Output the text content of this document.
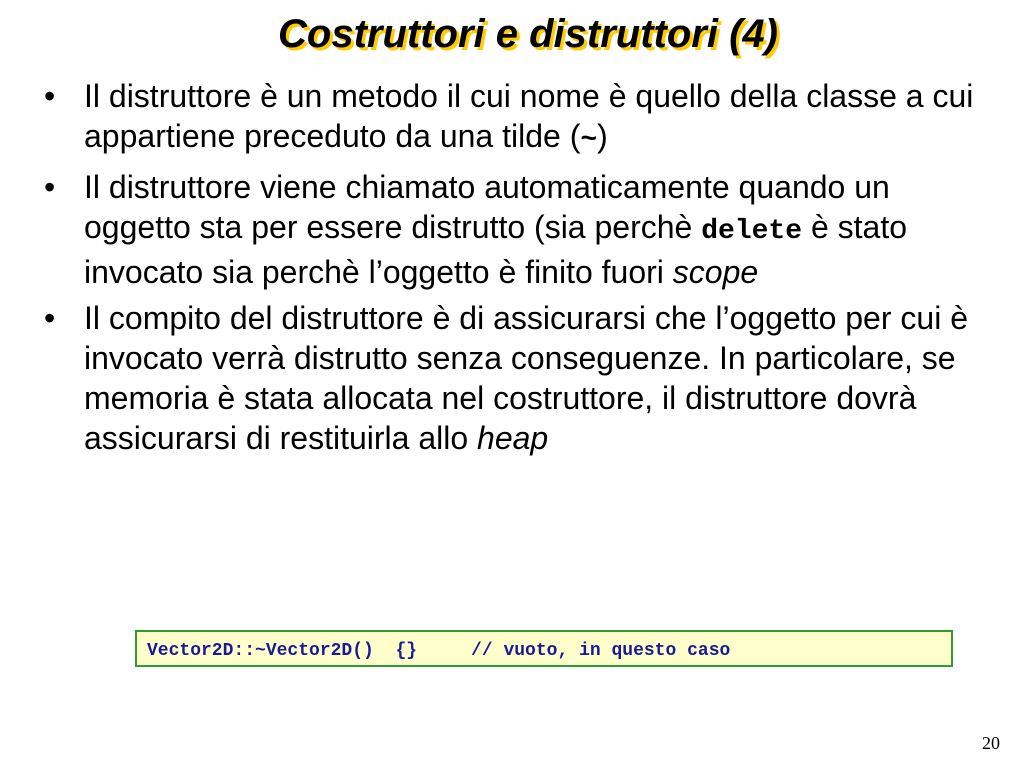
Costruttori e distruttori (4)
• Il distruttore è un metodo il cui nome è quello della classe a cui appartiene preceduto da una tilde (~)
• Il distruttore viene chiamato automaticamente quando un oggetto sta per essere distrutto (sia perchè delete è stato invocato sia perchè l’oggetto è finito fuori scope
• Il compito del distruttore è di assicurarsi che l’oggetto per cui è invocato verrà distrutto senza conseguenze. In particolare, se memoria è stata allocata nel costruttore, il distruttore dovrà assicurarsi di restituirla allo heap
Vector2D::~Vector2D()  {}     // vuoto, in questo caso
20
